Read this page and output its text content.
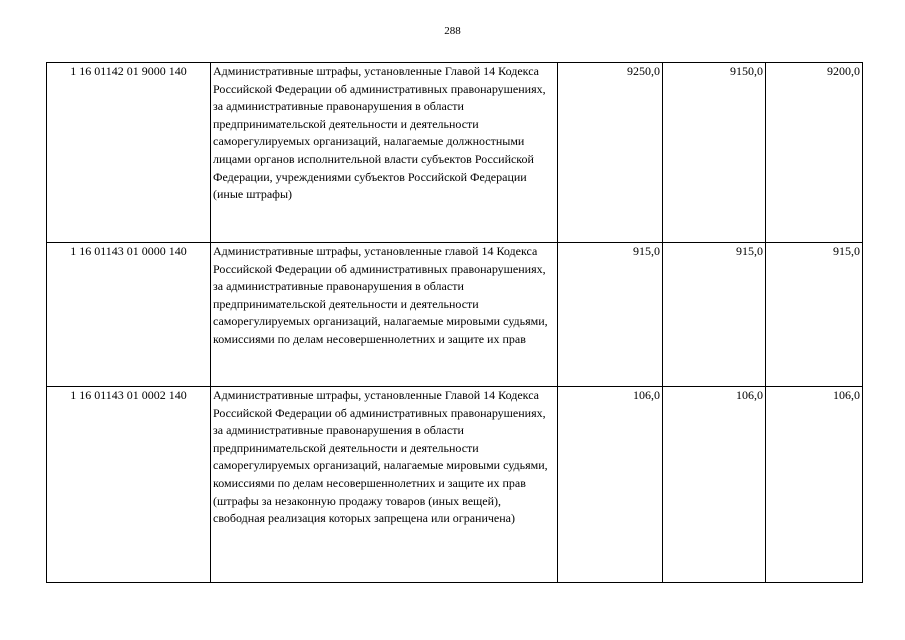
288
1 16 01142 01 9000 140	Административные штрафы, установленные Главой 14 Кодекса Российской Федерации об административных правонарушениях, за административные правонарушения в области предпринимательской деятельности и деятельности саморегулируемых организаций, налагаемые должностными лицами органов исполнительной власти субъектов Российской Федерации, учреждениями субъектов Российской Федерации (иные штрафы)	9250,0	9150,0	9200,0
1 16 01143 01 0000 140	Административные штрафы, установленные главой 14 Кодекса Российской Федерации об административных правонарушениях, за административные правонарушения в области предпринимательской деятельности и деятельности саморегулируемых организаций, налагаемые мировыми судьями, комиссиями по делам несовершеннолетних и защите их прав	915,0	915,0	915,0
1 16 01143 01 0002 140	Административные штрафы, установленные Главой 14 Кодекса Российской Федерации об административных правонарушениях, за административные правонарушения в области предпринимательской деятельности и деятельности саморегулируемых организаций, налагаемые мировыми судьями, комиссиями по делам несовершеннолетних и защите их прав (штрафы за незаконную продажу товаров (иных вещей), свободная реализация которых запрещена или ограничена)	106,0	106,0	106,0
